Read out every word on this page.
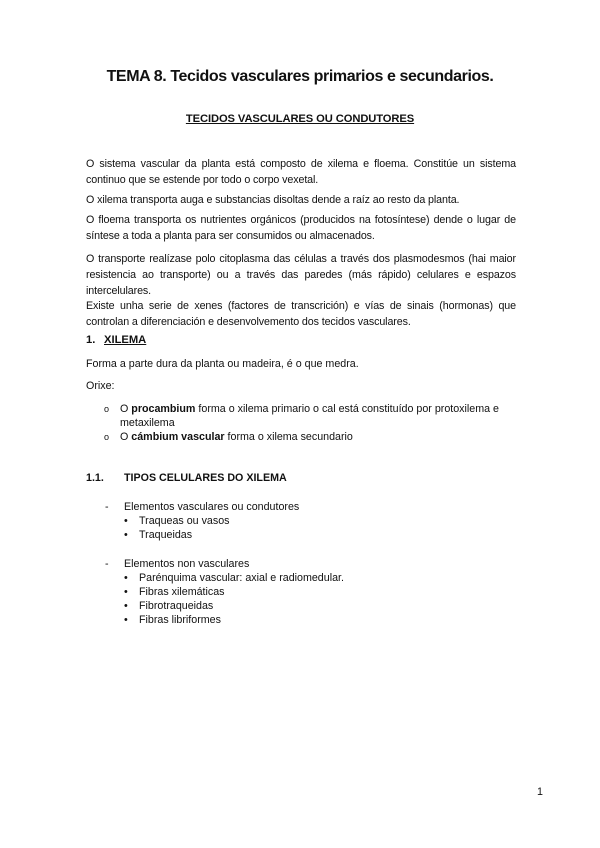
TEMA 8. Tecidos vasculares primarios e secundarios.
TECIDOS VASCULARES OU CONDUTORES
O sistema vascular da planta está composto de xilema e floema. Constitúe un sistema continuo que se estende por todo o corpo vexetal.
O xilema transporta auga e substancias disoltas dende a raíz ao resto da planta.
O floema transporta os nutrientes orgánicos (producidos na fotosíntese) dende o lugar de síntese a toda a planta para ser consumidos ou almacenados.
O transporte realízase polo citoplasma das células a través dos plasmodesmos (hai maior resistencia ao transporte) ou a través das paredes (más rápido) celulares e espazos intercelulares.
Existe unha serie de xenes (factores de transcrición) e vías de sinais (hormonas) que controlan a diferenciación e desenvolvemento dos tecidos vasculares.
1. XILEMA
Forma a parte dura da planta ou madeira, é o que medra.
Orixe:
o O procambium forma o xilema primario o cal está constituído por protoxilema e metaxilema
o O cámbium vascular forma o xilema secundario
1.1. TIPOS CELULARES DO XILEMA
- Elementos vasculares ou condutores
• Traqueas ou vasos
• Traqueidas
- Elementos non vasculares
• Parénquima vascular: axial e radiomedular.
• Fibras xilemáticas
• Fibrotraqueidas
• Fibras libriformes
1
